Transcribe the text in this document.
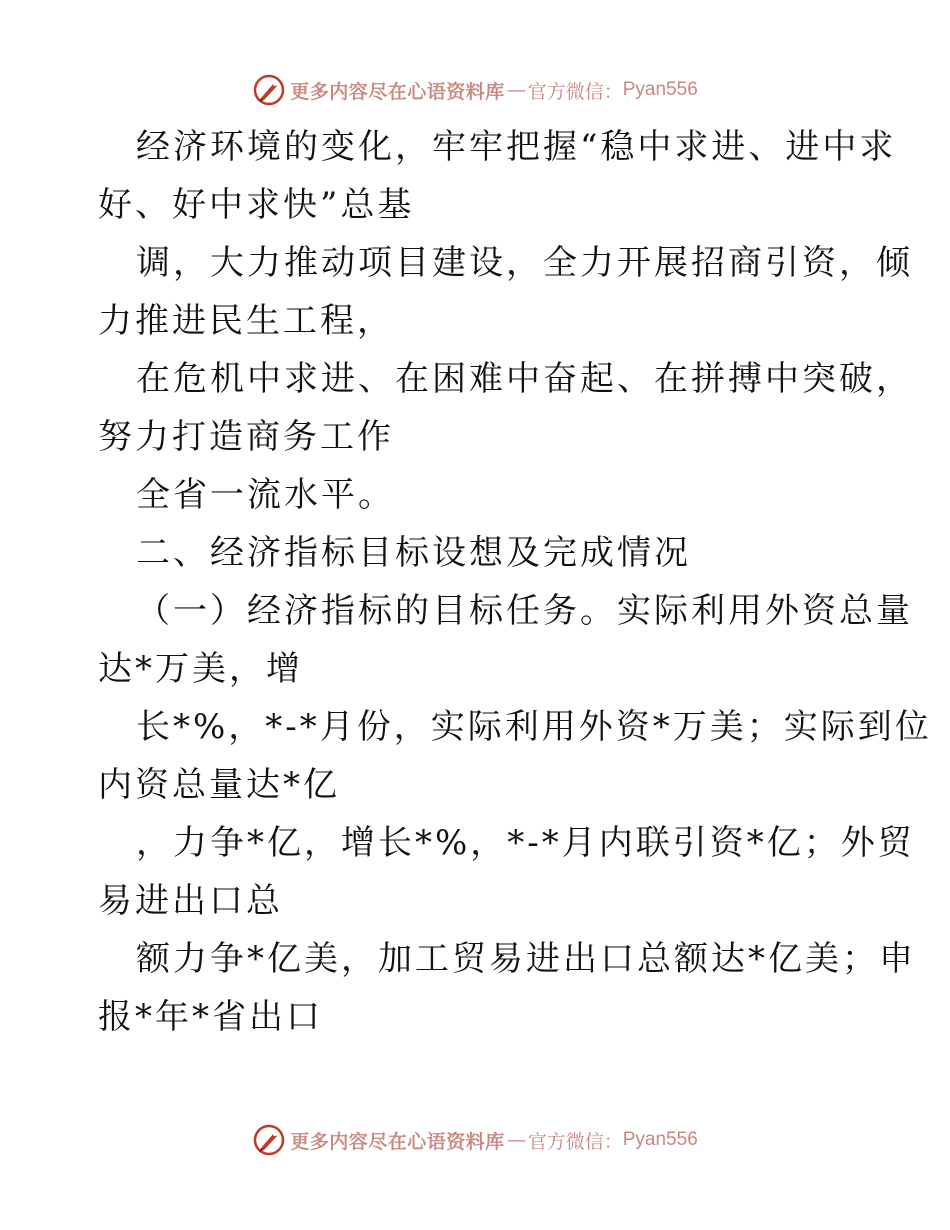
更多内容尽在心语资料库 — 官方微信： Pyan556
经济环境的变化，牢牢把握“稳中求进、进中求
好、好中求快”总基
调，大力推动项目建设，全力开展招商引资，倾
力推进民生工程，
在危机中求进、在困难中奋起、在拼搏中突破，
努力打造商务工作
全省一流水平。
二、经济指标目标设想及完成情况
（一）经济指标的目标任务。实际利用外资总量
达*万美，增
长*%，*-*月份，实际利用外资*万美；实际到位
内资总量达*亿
，力争*亿，增长*%，*-*月内联引资*亿；外贸
易进出口总
额力争*亿美，加工贸易进出口总额达*亿美；申
报*年*省出口
更多内容尽在心语资料库 — 官方微信： Pyan556
